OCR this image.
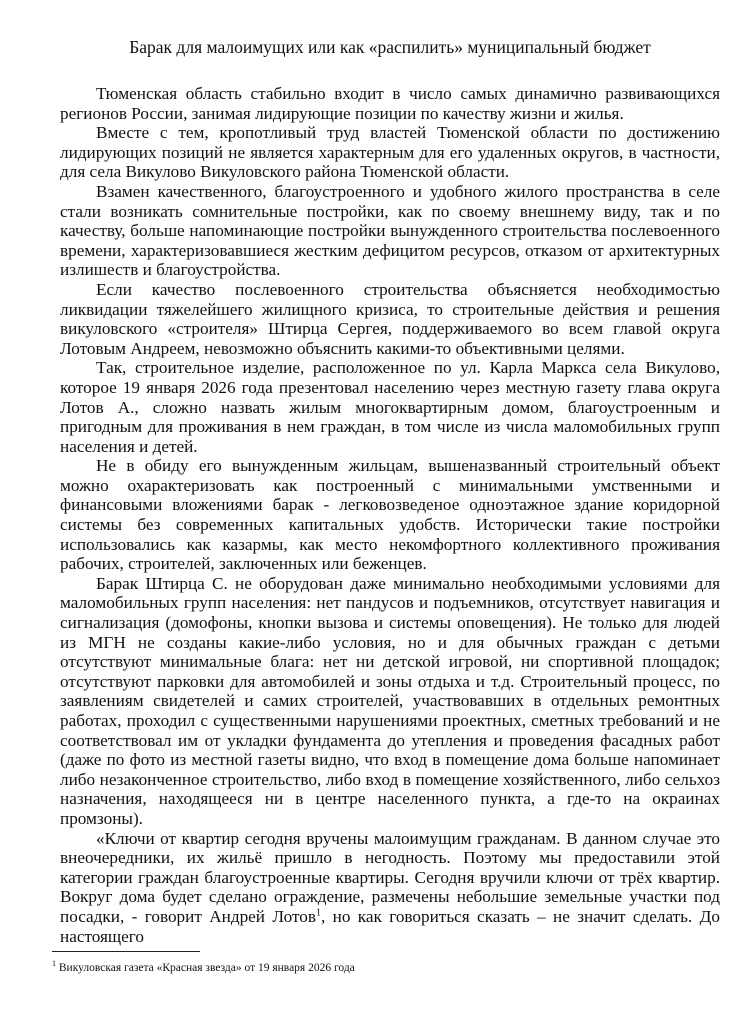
Барак для малоимущих или как «распилить» муниципальный бюджет

Тюменская область стабильно входит в число самых динамично развивающихся регионов России, занимая лидирующие позиции по качеству жизни и жилья.

Вместе с тем, кропотливый труд властей Тюменской области по достижению лидирующих позиций не является характерным для его удаленных округов, в частности, для села Викулово Викуловского района Тюменской области.

Взамен качественного, благоустроенного и удобного жилого пространства в селе стали возникать сомнительные постройки, как по своему внешнему виду, так и по качеству, больше напоминающие постройки вынужденного строительства послевоенного времени, характеризовавшиеся жестким дефицитом ресурсов, отказом от архитектурных излишеств и благоустройства.

Если качество послевоенного строительства объясняется необходимостью ликвидации тяжелейшего жилищного кризиса, то строительные действия и решения викуловского «строителя» Штирца Сергея, поддерживаемого во всем главой округа Лотовым Андреем, невозможно объяснить какими-то объективными целями.

Так, строительное изделие, расположенное по ул. Карла Маркса села Викулово, которое 19 января 2026 года презентовал населению через местную газету глава округа Лотов А., сложно назвать жилым многоквартирным домом, благоустроенным и пригодным для проживания в нем граждан, в том числе из числа маломобильных групп населения и детей.

Не в обиду его вынужденным жильцам, вышеназванный строительный объект можно охарактеризовать как построенный с минимальными умственными и финансовыми вложениями барак - легковозведеное одноэтажное здание коридорной системы без современных капитальных удобств. Исторически такие постройки использовались как казармы, как место некомфортного коллективного проживания рабочих, строителей, заключенных или беженцев.

Барак Штирца С. не оборудован даже минимально необходимыми условиями для маломобильных групп населения: нет пандусов и подъемников, отсутствует навигация и сигнализация (домофоны, кнопки вызова и системы оповещения). Не только для людей из МГН не созданы какие-либо условия, но и для обычных граждан с детьми отсутствуют минимальные блага: нет ни детской игровой, ни спортивной площадок; отсутствуют парковки для автомобилей и зоны отдыха и т.д. Строительный процесс, по заявлениям свидетелей и самих строителей, участвовавших в отдельных ремонтных работах, проходил с существенными нарушениями проектных, сметных требований и не соответствовал им от укладки фундамента до утепления и проведения фасадных работ (даже по фото из местной газеты видно, что вход в помещение дома больше напоминает либо незаконченное строительство, либо вход в помещение хозяйственного, либо сельхоз назначения, находящееся ни в центре населенного пункта, а где-то на окраинах промзоны).

«Ключи от квартир сегодня вручены малоимущим гражданам. В данном случае это внеочередники, их жильё пришло в негодность. Поэтому мы предоставили этой категории граждан благоустроенные квартиры. Сегодня вручили ключи от трёх квартир. Вокруг дома будет сделано ограждение, размечены небольшие земельные участки под посадки, - говорит Андрей Лотов$^1$, но как говориться сказать – не значит сделать. До настоящего

$^1$ Викуловская газета «Красная звезда» от 19 января 2026 года
